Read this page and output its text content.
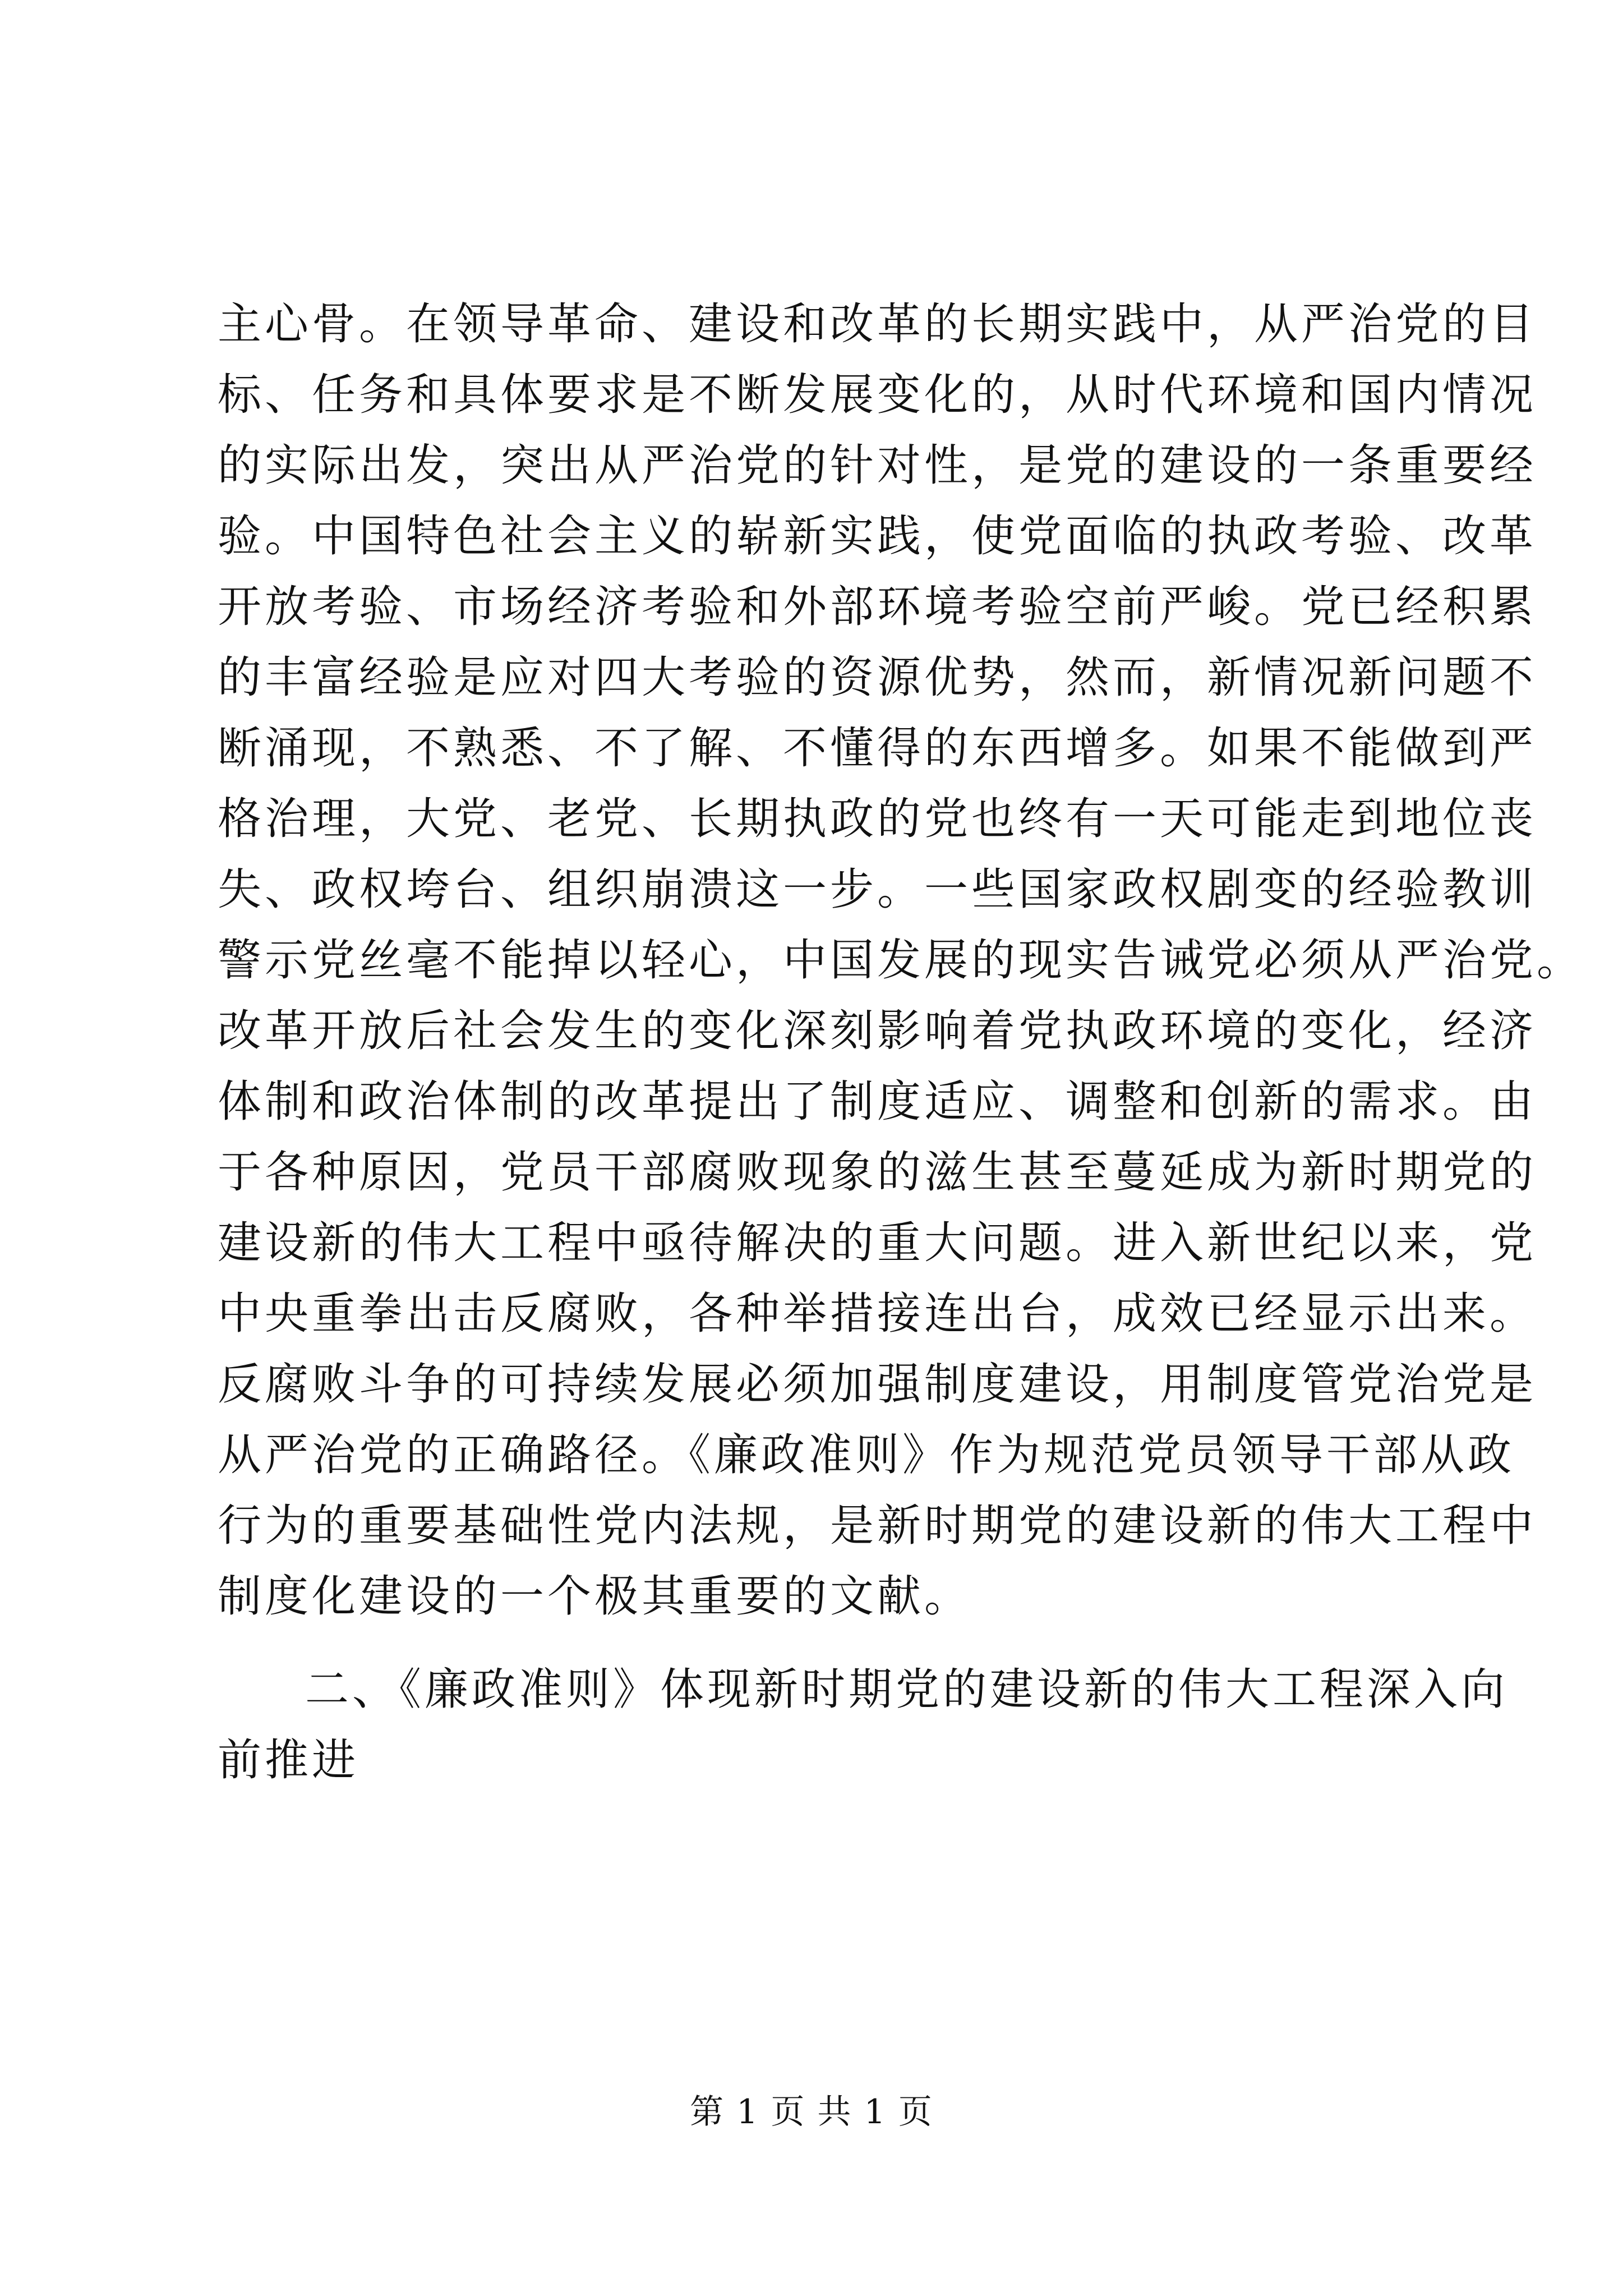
主心骨。在领导革命、建设和改革的长期实践中，从严治党的目
标、任务和具体要求是不断发展变化的，从时代环境和国内情况
的实际出发，突出从严治党的针对性，是党的建设的一条重要经
验。中国特色社会主义的崭新实践，使党面临的执政考验、改革
开放考验、市场经济考验和外部环境考验空前严峻。党已经积累
的丰富经验是应对四大考验的资源优势，然而，新情况新问题不
断涌现，不熟悉、不了解、不懂得的东西增多。如果不能做到严
格治理，大党、老党、长期执政的党也终有一天可能走到地位丧
失、政权垮台、组织崩溃这一步。一些国家政权剧变的经验教训
警示党丝毫不能掉以轻心，中国发展的现实告诫党必须从严治党。
改革开放后社会发生的变化深刻影响着党执政环境的变化，经济
体制和政治体制的改革提出了制度适应、调整和创新的需求。由
于各种原因，党员干部腐败现象的滋生甚至蔓延成为新时期党的
建设新的伟大工程中亟待解决的重大问题。进入新世纪以来，党
中央重拳出击反腐败，各种举措接连出台，成效已经显示出来。
反腐败斗争的可持续发展必须加强制度建设，用制度管党治党是
从严治党的正确路径。《廉政准则》作为规范党员领导干部从政
行为的重要基础性党内法规，是新时期党的建设新的伟大工程中
制度化建设的一个极其重要的文献。
二、《廉政准则》体现新时期党的建设新的伟大工程深入向
前推进
第 1 页 共 1 页
